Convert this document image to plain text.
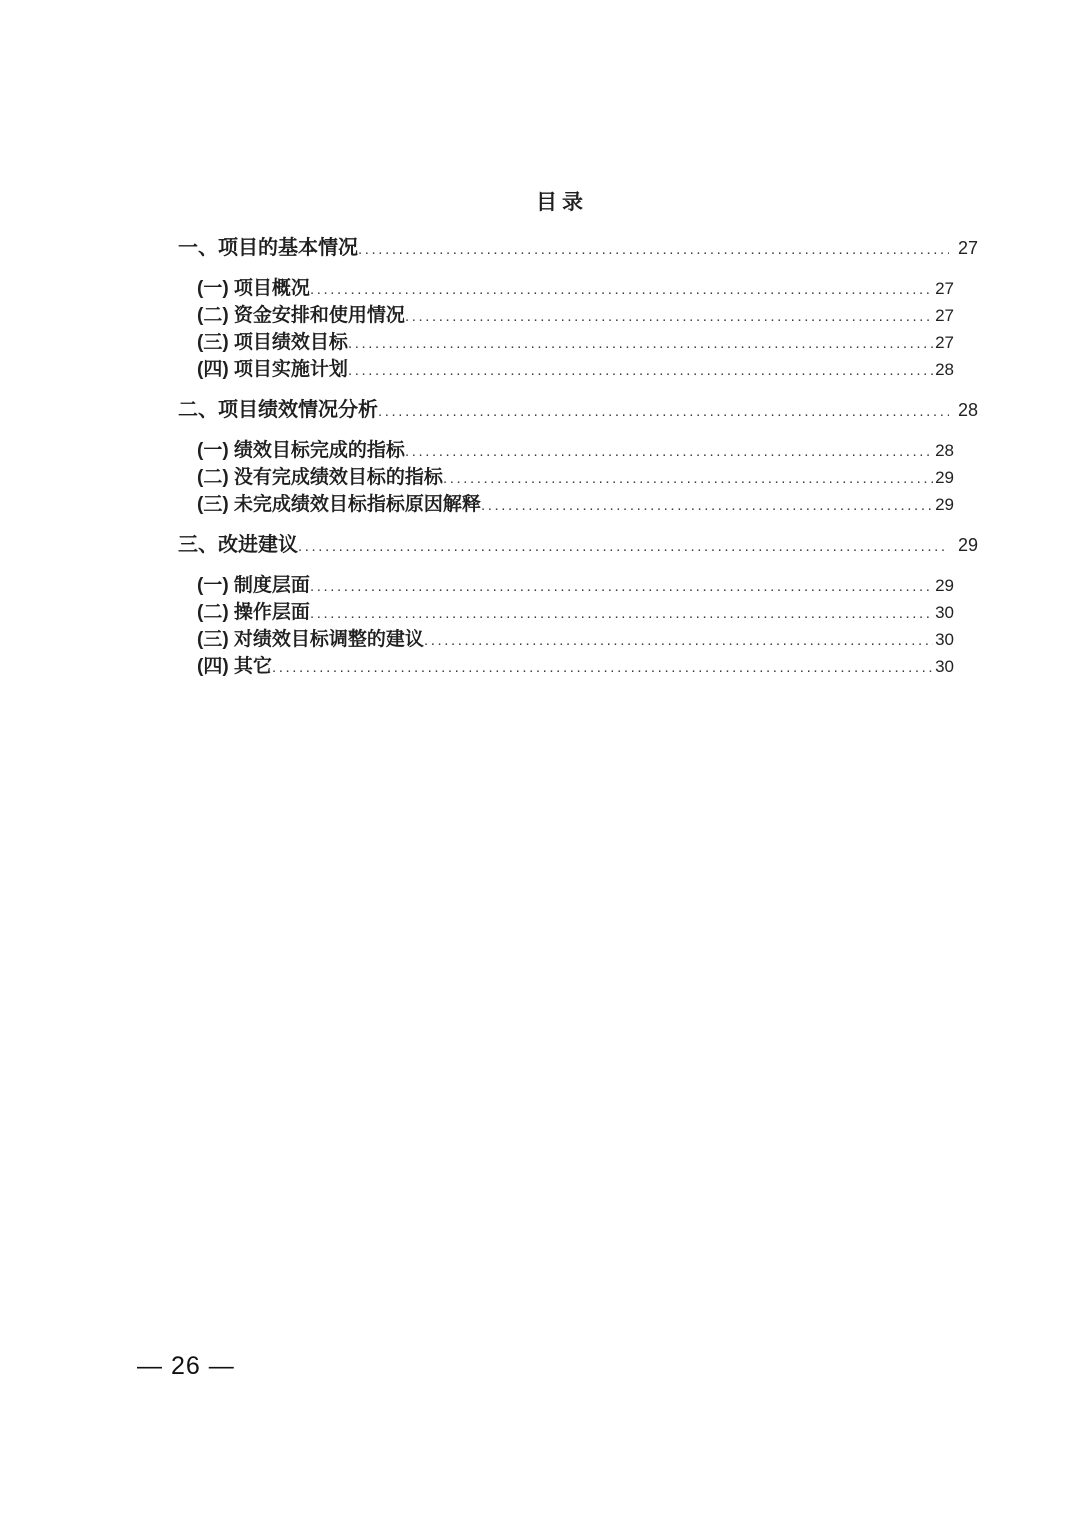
目录
一、项目的基本情况 .....	27
(一) 项目概况 .....	27
(二) 资金安排和使用情况 .....	27
(三) 项目绩效目标 .....	27
(四) 项目实施计划 .....	28
二、项目绩效情况分析 .....	28
(一) 绩效目标完成的指标 .....	28
(二) 没有完成绩效目标的指标 .....	29
(三) 未完成绩效目标指标原因解释 .....	29
三、改进建议 .....	29
(一) 制度层面 .....	29
(二) 操作层面 .....	30
(三) 对绩效目标调整的建议 .....	30
(四) 其它 .....	30
— 26 —
